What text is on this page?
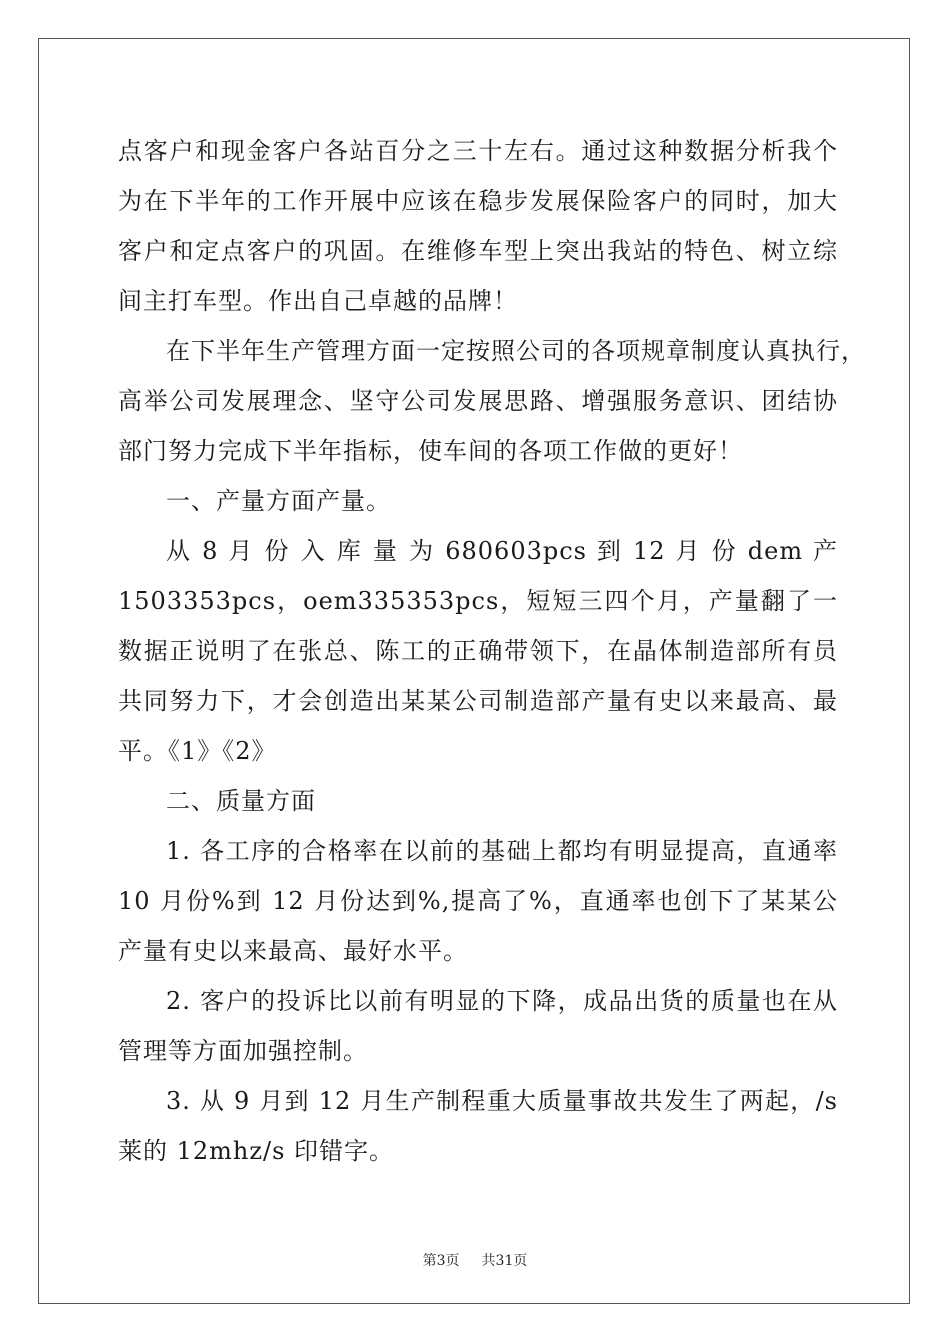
点客户和现金客户各站百分之三十左右。通过这种数据分析我个
为在下半年的工作开展中应该在稳步发展保险客户的同时，加大
客户和定点客户的巩固。在维修车型上突出我站的特色、树立综
间主打车型。作出自己卓越的品牌！
在下半年生产管理方面一定按照公司的各项规章制度认真执行，
高举公司发展理念、坚守公司发展思路、增强服务意识、团结协
部门努力完成下半年指标，使车间的各项工作做的更好！
一、产量方面产量。
从 8 月 份 入 库 量 为 680603pcs 到 12 月 份 dem 产
1503353pcs，oem335353pcs，短短三四个月，产量翻了一
数据正说明了在张总、陈工的正确带领下，在晶体制造部所有员
共同努力下，才会创造出某某公司制造部产量有史以来最高、最
平。《1》《2》
二、质量方面
1. 各工序的合格率在以前的基础上都均有明显提高，直通率
10 月份%到 12 月份达到%,提高了%，直通率也创下了某某公
产量有史以来最高、最好水平。
2. 客户的投诉比以前有明显的下降，成品出货的质量也在从
管理等方面加强控制。
3. 从 9 月到 12 月生产制程重大质量事故共发生了两起，/s
莱的 12mhz/s 印错字。
第3页 共31页
